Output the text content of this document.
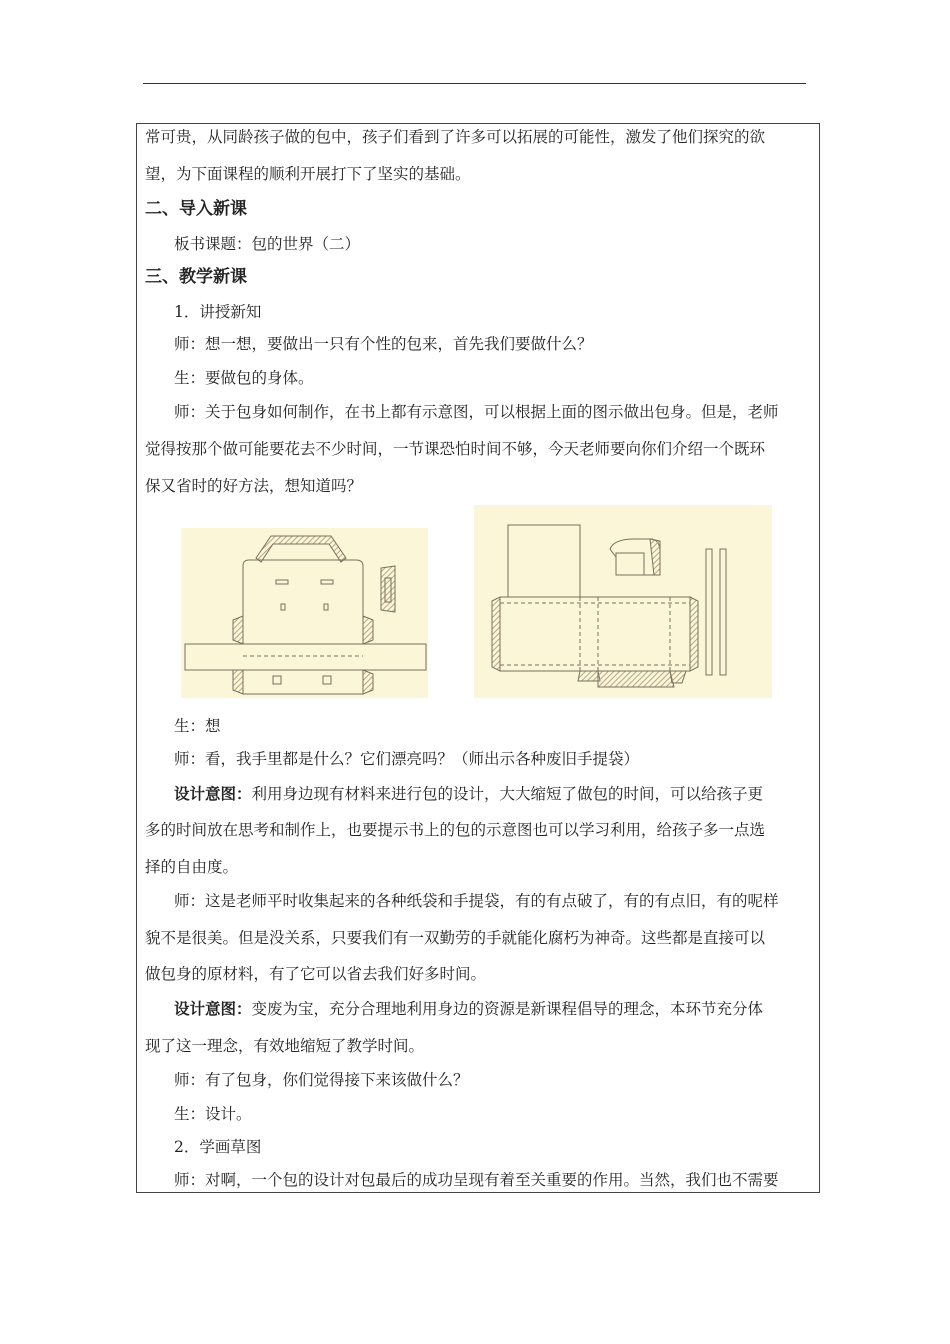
常可贵，从同龄孩子做的包中，孩子们看到了许多可以拓展的可能性，激发了他们探究的欲
望，为下面课程的顺利开展打下了坚实的基础。
二、导入新课
板书课题：包的世界（二）
三、教学新课
1．讲授新知
师：想一想，要做出一只有个性的包来，首先我们要做什么？
生：要做包的身体。
师：关于包身如何制作，在书上都有示意图，可以根据上面的图示做出包身。但是，老师
觉得按那个做可能要花去不少时间，一节课恐怕时间不够，今天老师要向你们介绍一个既环
保又省时的好方法，想知道吗？
生：想
师：看，我手里都是什么？它们漂亮吗？（师出示各种废旧手提袋）
设计意图：利用身边现有材料来进行包的设计，大大缩短了做包的时间，可以给孩子更
多的时间放在思考和制作上，也要提示书上的包的示意图也可以学习利用，给孩子多一点选
择的自由度。
师：这是老师平时收集起来的各种纸袋和手提袋，有的有点破了，有的有点旧，有的呢样
貌不是很美。但是没关系，只要我们有一双勤劳的手就能化腐朽为神奇。这些都是直接可以
做包身的原材料，有了它可以省去我们好多时间。
设计意图：变废为宝，充分合理地利用身边的资源是新课程倡导的理念，本环节充分体
现了这一理念，有效地缩短了教学时间。
师：有了包身，你们觉得接下来该做什么？
生：设计。
2．学画草图
师：对啊，一个包的设计对包最后的成功呈现有着至关重要的作用。当然，我们也不需要
